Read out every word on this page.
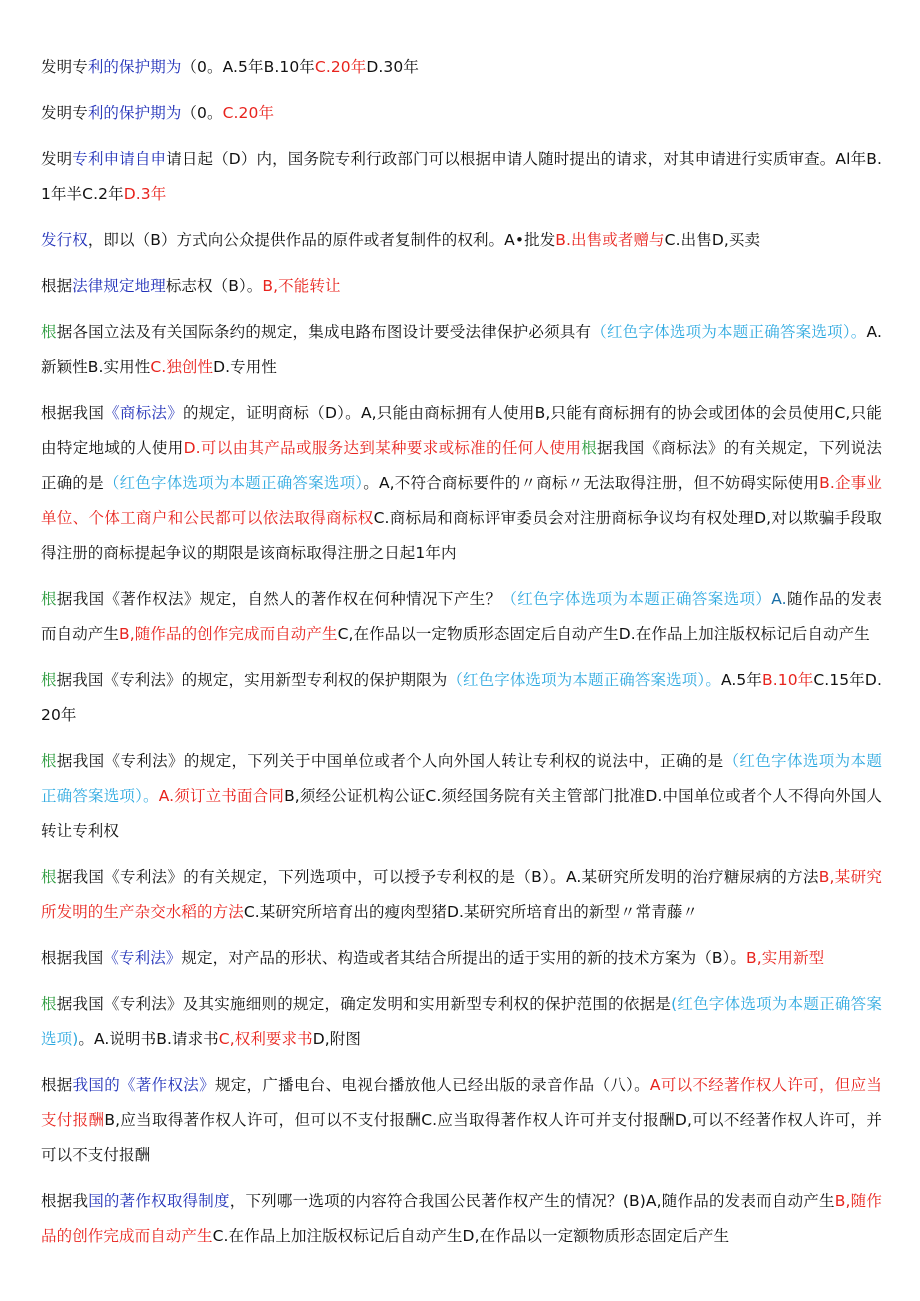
发明专利的保护期为（0。A.5年B.10年C.20年D.30年

发明专利的保护期为（0。C.20年

发明专利申请自申请日起（D）内，国务院专利行政部门可以根据申请人随时提出的请求，对其申请进行实质审查。Al年B.1年半C.2年D.3年

发行权，即以（B）方式向公众提供作品的原件或者复制件的权利。A•批发B.出售或者赠与C.出售D,买卖

根据法律规定地理标志权（B）。B,不能转让

根据各国立法及有关国际条约的规定，集成电路布图设计要受法律保护必须具有（红色字体选项为本题正确答案选项）。A.新颖性B.实用性C.独创性D.专用性

根据我国《商标法》的规定，证明商标（D）。A,只能由商标拥有人使用B,只能有商标拥有的协会或团体的会员使用C,只能由特定地域的人使用D.可以由其产品或服务达到某种要求或标准的任何人使用根据我国《商标法》的有关规定，下列说法正确的是（红色字体选项为本题正确答案选项）。A,不符合商标要件的〃商标〃无法取得注册，但不妨碍实际使用B.企事业单位、个体工商户和公民都可以依法取得商标权C.商标局和商标评审委员会对注册商标争议均有权处理D,对以欺骗手段取得注册的商标提起争议的期限是该商标取得注册之日起1年内

根据我国《著作权法》规定，自然人的著作权在何种情况下产生？（红色字体选项为本题正确答案选项）A.随作品的发表而自动产生B,随作品的创作完成而自动产生C,在作品以一定物质形态固定后自动产生D.在作品上加注版权标记后自动产生

根据我国《专利法》的规定，实用新型专利权的保护期限为（红色字体选项为本题正确答案选项）。A.5年B.10年C.15年D.20年

根据我国《专利法》的规定，下列关于中国单位或者个人向外国人转让专利权的说法中，正确的是（红色字体选项为本题正确答案选项）。A.须订立书面合同B,须经公证机构公证C.须经国务院有关主管部门批准D.中国单位或者个人不得向外国人转让专利权

根据我国《专利法》的有关规定，下列选项中，可以授予专利权的是（B）。A.某研究所发明的治疗糖尿病的方法B,某研究所发明的生产杂交水稻的方法C.某研究所培育出的瘦肉型猪D.某研究所培育出的新型〃常青藤〃

根据我国《专利法》规定，对产品的形状、构造或者其结合所提出的适于实用的新的技术方案为（B）。B,实用新型

根据我国《专利法》及其实施细则的规定，确定发明和实用新型专利权的保护范围的依据是(红色字体选项为本题正确答案选项)。A.说明书B.请求书C,权利要求书D,附图

根据我国的《著作权法》规定，广播电台、电视台播放他人已经出版的录音作品（八）。A可以不经著作权人许可，但应当支付报酬B,应当取得著作权人许可，但可以不支付报酬C.应当取得著作权人许可并支付报酬D,可以不经著作权人许可，并可以不支付报酬

根据我国的著作权取得制度，下列哪一选项的内容符合我国公民著作权产生的情况？(B)A,随作品的发表而自动产生B,随作品的创作完成而自动产生C.在作品上加注版权标记后自动产生D,在作品以一定额物质形态固定后产生
